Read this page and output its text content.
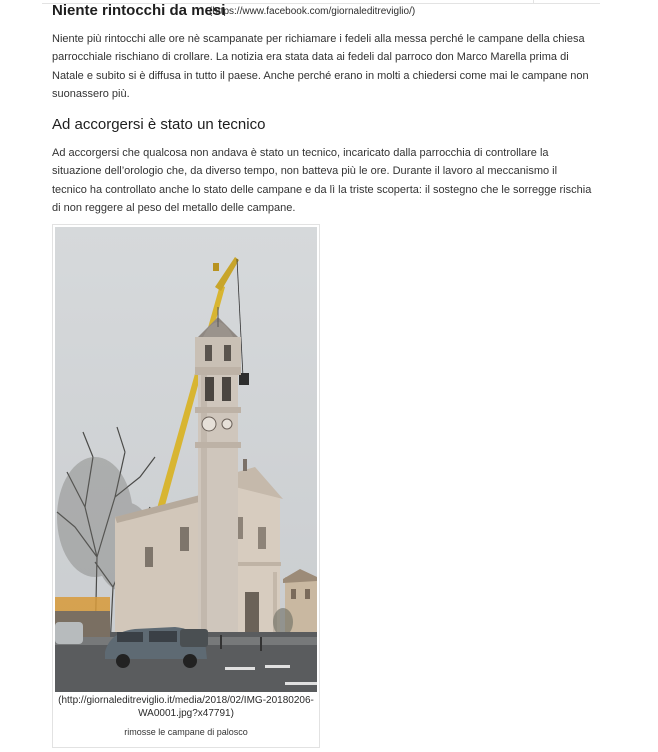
Niente rintocchi da mesi
(https://www.facebook.com/giornaleditreviglio/)

Niente più rintocchi alle ore nè scampanate per richiamare i fedeli alla messa perché le campane della chiesa parrocchiale rischiano di crollare. La notizia era stata data ai fedeli dal parroco don Marco Marella prima di Natale e subito si è diffusa in tutto il paese. Anche perché erano in molti a chiedersi come mai le campane non suonassero più.

Ad accorgersi è stato un tecnico

Ad accorgersi che qualcosa non andava è stato un tecnico, incaricato dalla parrocchia di controllare la situazione dell’orologio che, da diverso tempo, non batteva più le ore. Durante il lavoro al meccanismo il tecnico ha controllato anche lo stato delle campane e da lì la triste scoperta: il sostegno che le sorregge rischia di non reggere al peso del metallo delle campane.

(http://giornaleditreviglio.it/media/2018/02/IMG-20180206-WA0001.jpg?x47791)
rimosse le campane di palosco
